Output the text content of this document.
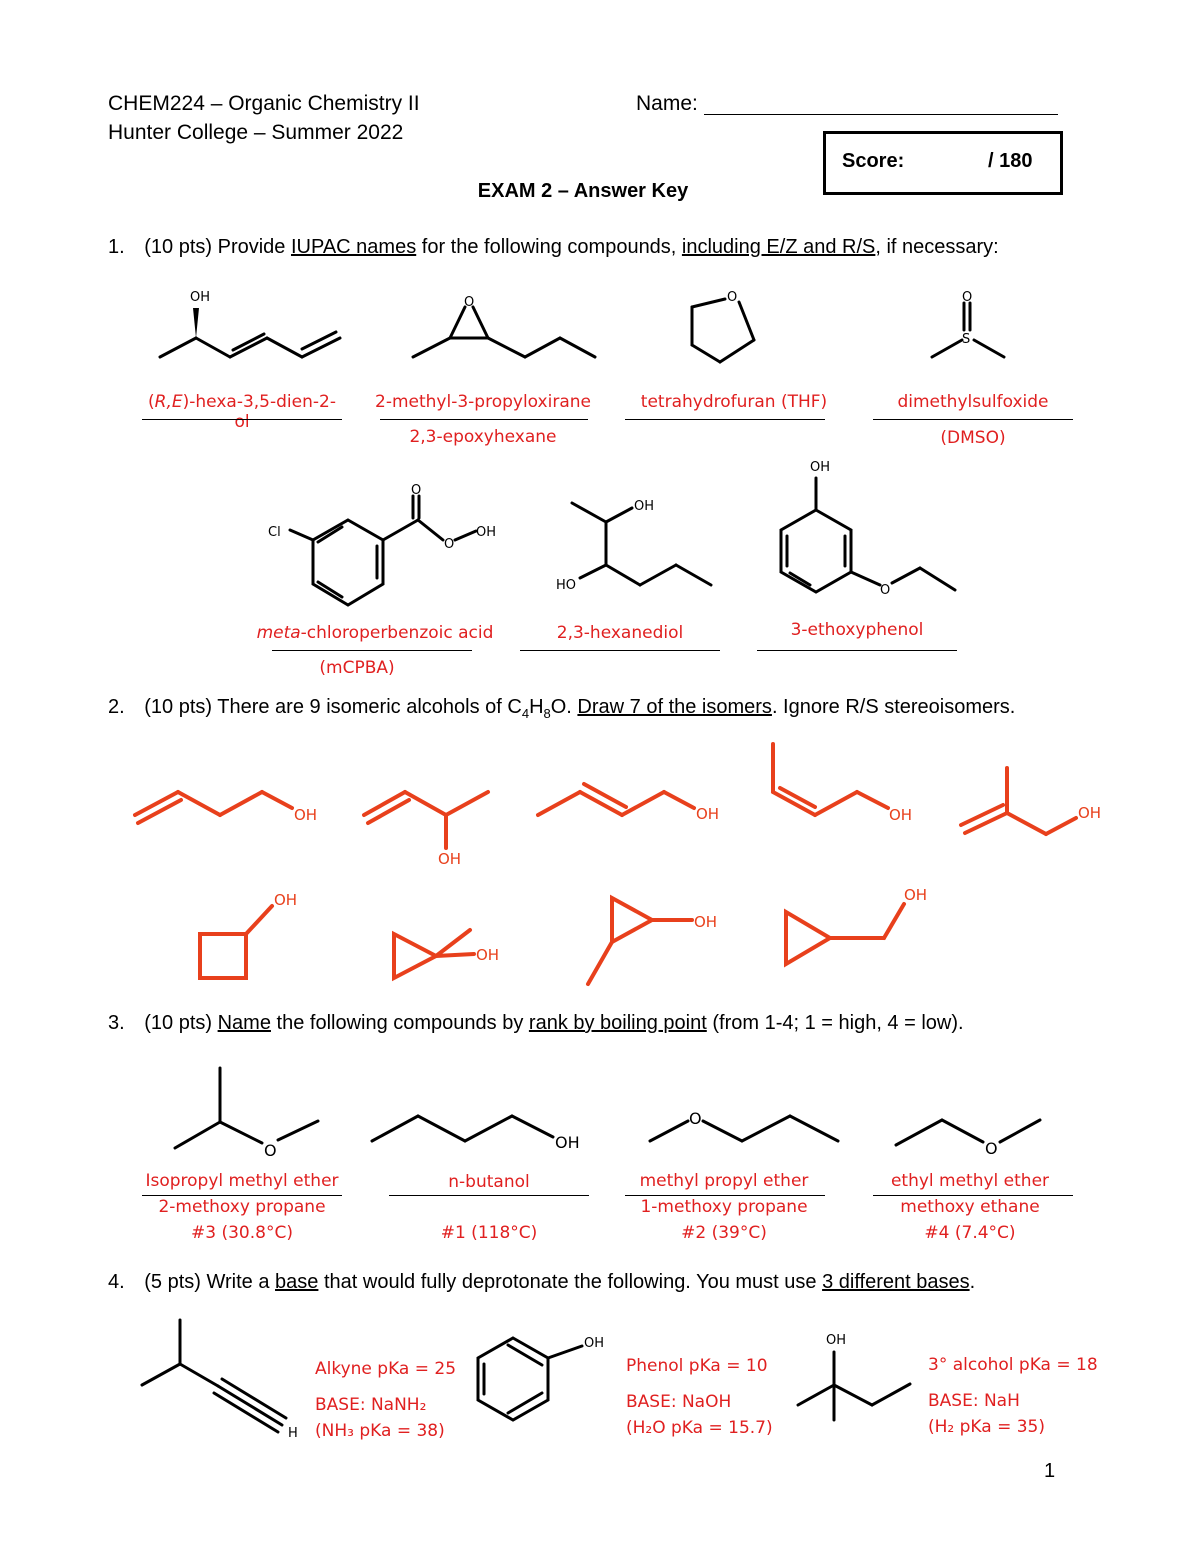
CHEM224 – Organic Chemistry II
Hunter College – Summer 2022
Name:
Score:	/ 180
EXAM 2 – Answer Key
1. (10 pts) Provide IUPAC names for the following compounds, including E/Z and R/S, if necessary:
OH	O	O	O
S
Cl
O
O
OH
OH
HO
OH
O
O	OH
O
O
H
OH	OH
OH
OH
OH	OH	OH
OH
OH
OH
OH
(R,E)-hexa-3,5-dien-2-ol
2-methyl-3-propyloxirane
2,3-epoxyhexane
tetrahydrofuran (THF)	dimethylsulfoxide
(DMSO)
meta-chloroperbenzoic acid
(mCPBA)
2,3-hexanediol	3-ethoxyphenol
2. (10 pts) There are 9 isomeric alcohols of $C_4H_8O$. Draw 7 of the isomers. Ignore R/S stereoisomers.
3. (10 pts) Name the following compounds by rank by boiling point (from 1-4; 1 = high, 4 = low).
Isopropyl methyl ether
2-methoxy propane
#3 (30.8°C)
n-butanol
#1 (118°C)
methyl propyl ether
1-methoxy propane
#2 (39°C)
ethyl methyl ether
methoxy ethane
#4 (7.4°C)
4. (5 pts) Write a base that would fully deprotonate the following. You must use 3 different bases.
Alkyne pKa = 25
BASE: NaNH₂
(NH₃ pKa = 38)
Phenol pKa = 10
BASE: NaOH
(H₂O pKa = 15.7)
3° alcohol pKa = 18
BASE: NaH
(H₂ pKa = 35)
1
